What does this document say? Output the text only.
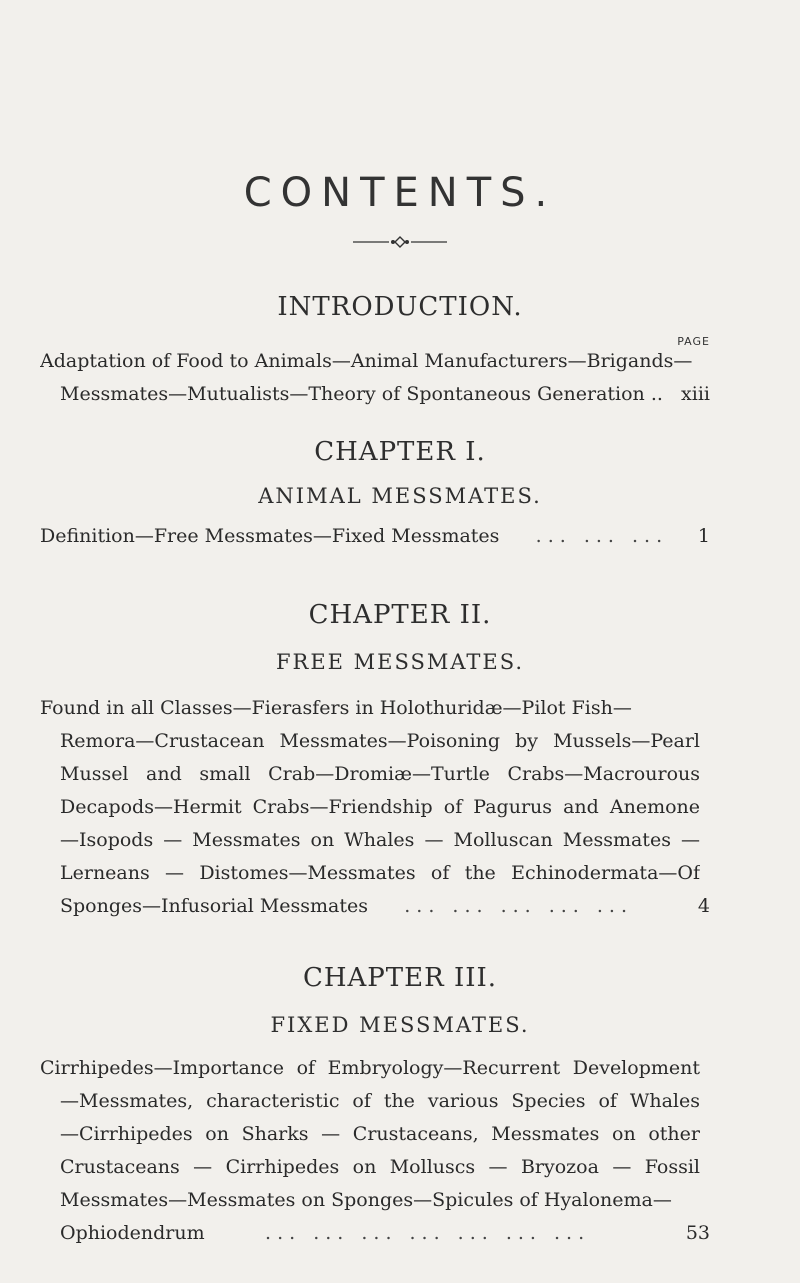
CONTENTS.
INTRODUCTION.
PAGE
Adaptation of Food to Animals—Animal Manufacturers—Brigands—
Messmates—Mutualists—Theory of Spontaneous Generation .. xiii
CHAPTER I.
ANIMAL MESSMATES.
Definition—Free Messmates—Fixed Messmates ... ... ...	1
CHAPTER II.
FREE MESSMATES.
Found in all Classes—Fierasfers in Holothuridæ—Pilot Fish—
Remora—Crustacean Messmates—Poisoning by Mussels—Pearl
Mussel and small Crab—Dromiæ—Turtle Crabs—Macrourous
Decapods—Hermit Crabs—Friendship of Pagurus and Anemone
—Isopods — Messmates on Whales — Molluscan Messmates —
Lerneans — Distomes—Messmates of the Echinodermata—Of
Sponges—Infusorial Messmates ... ... ... ... ...	4
CHAPTER III.
FIXED MESSMATES.
Cirrhipedes—Importance of Embryology—Recurrent Development
—Messmates, characteristic of the various Species of Whales
—Cirrhipedes on Sharks — Crustaceans, Messmates on other
Crustaceans — Cirrhipedes on Molluscs — Bryozoa — Fossil
Messmates—Messmates on Sponges—Spicules of Hyalonema—
Ophiodendrum	... ... ... ... ... ... ...	53
